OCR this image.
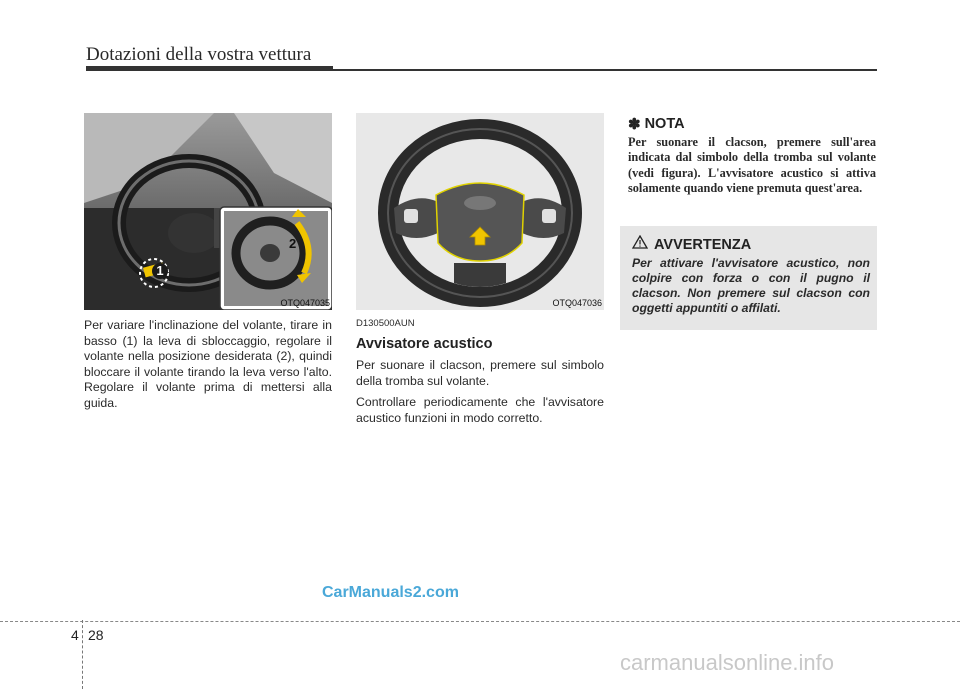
Dotazioni della vostra vettura
1
2
OTQ047035

Per variare l'inclinazione del volante, tirare in basso (1) la leva di sbloccaggio, regolare il volante nella posizione desiderata (2), quindi bloccare il volante tirando la leva verso l'alto. Regolare il volante prima di mettersi alla guida.

OTQ047036
D130500AUN
Avvisatore acustico

Per suonare il clacson, premere sul simbolo della tromba sul volante.

Controllare periodicamente che l'avvisatore acustico funzioni in modo corretto.

✽ NOTA
Per suonare il clacson, premere sull'area indicata dal simbolo della tromba sul volante (vedi figura). L'avvisatore acustico si attiva solamente quando viene premuta quest'area.
AVVERTENZA
Per attivare l'avvisatore acustico, non colpire con forza o con il pugno il clacson. Non premere sul clacson con oggetti appuntiti o affilati.
CarManuals2.com
4 28
carmanualsonline.info
